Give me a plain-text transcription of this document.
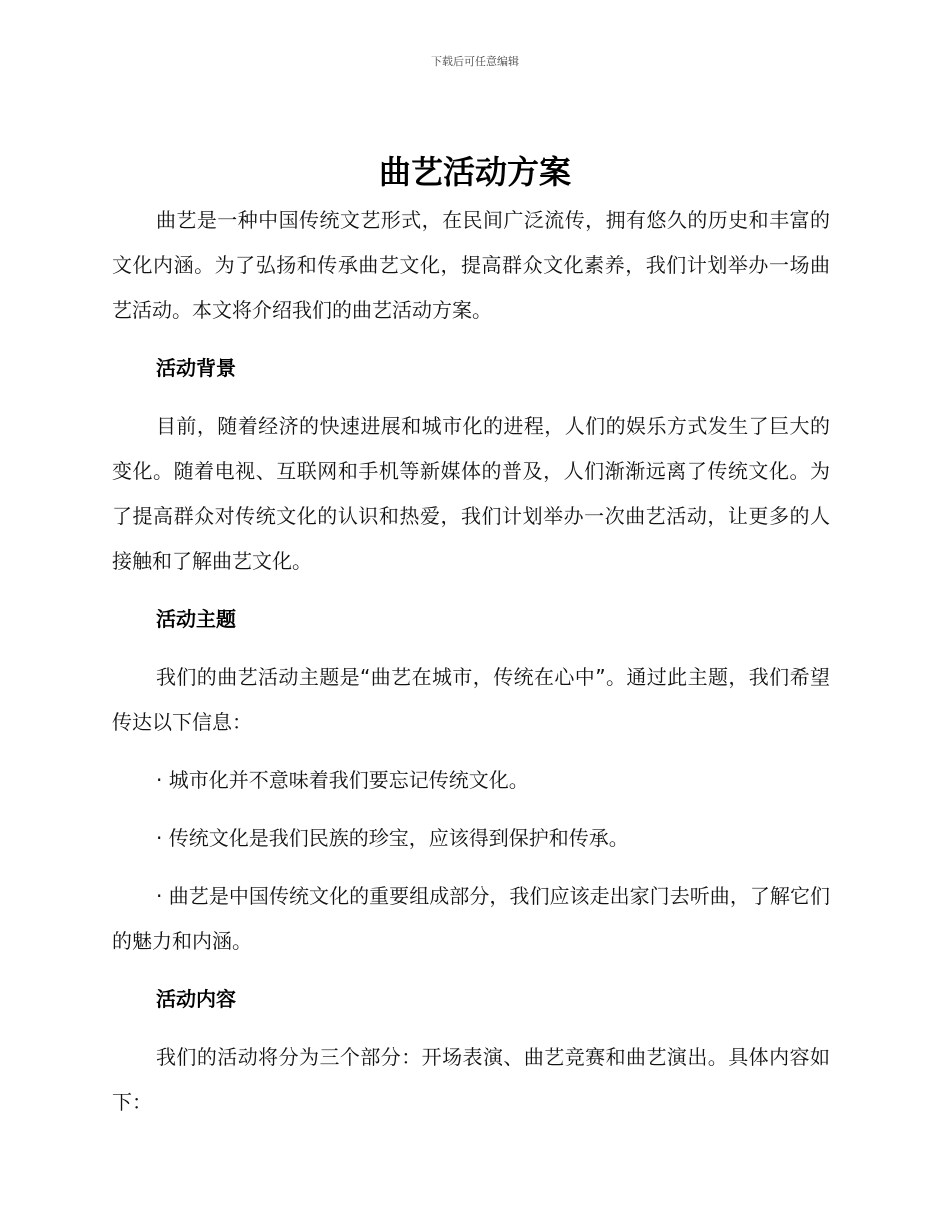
下载后可任意编辑
曲艺活动方案

曲艺是一种中国传统文艺形式，在民间广泛流传，拥有悠久的历史和丰富的文化内涵。为了弘扬和传承曲艺文化，提高群众文化素养，我们计划举办一场曲艺活动。本文将介绍我们的曲艺活动方案。

活动背景

目前，随着经济的快速进展和城市化的进程，人们的娱乐方式发生了巨大的变化。随着电视、互联网和手机等新媒体的普及，人们渐渐远离了传统文化。为了提高群众对传统文化的认识和热爱，我们计划举办一次曲艺活动，让更多的人接触和了解曲艺文化。

活动主题

我们的曲艺活动主题是“曲艺在城市，传统在心中”。通过此主题，我们希望传达以下信息：

· 城市化并不意味着我们要忘记传统文化。

· 传统文化是我们民族的珍宝，应该得到保护和传承。

· 曲艺是中国传统文化的重要组成部分，我们应该走出家门去听曲，了解它们的魅力和内涵。

活动内容

我们的活动将分为三个部分：开场表演、曲艺竞赛和曲艺演出。具体内容如下：
